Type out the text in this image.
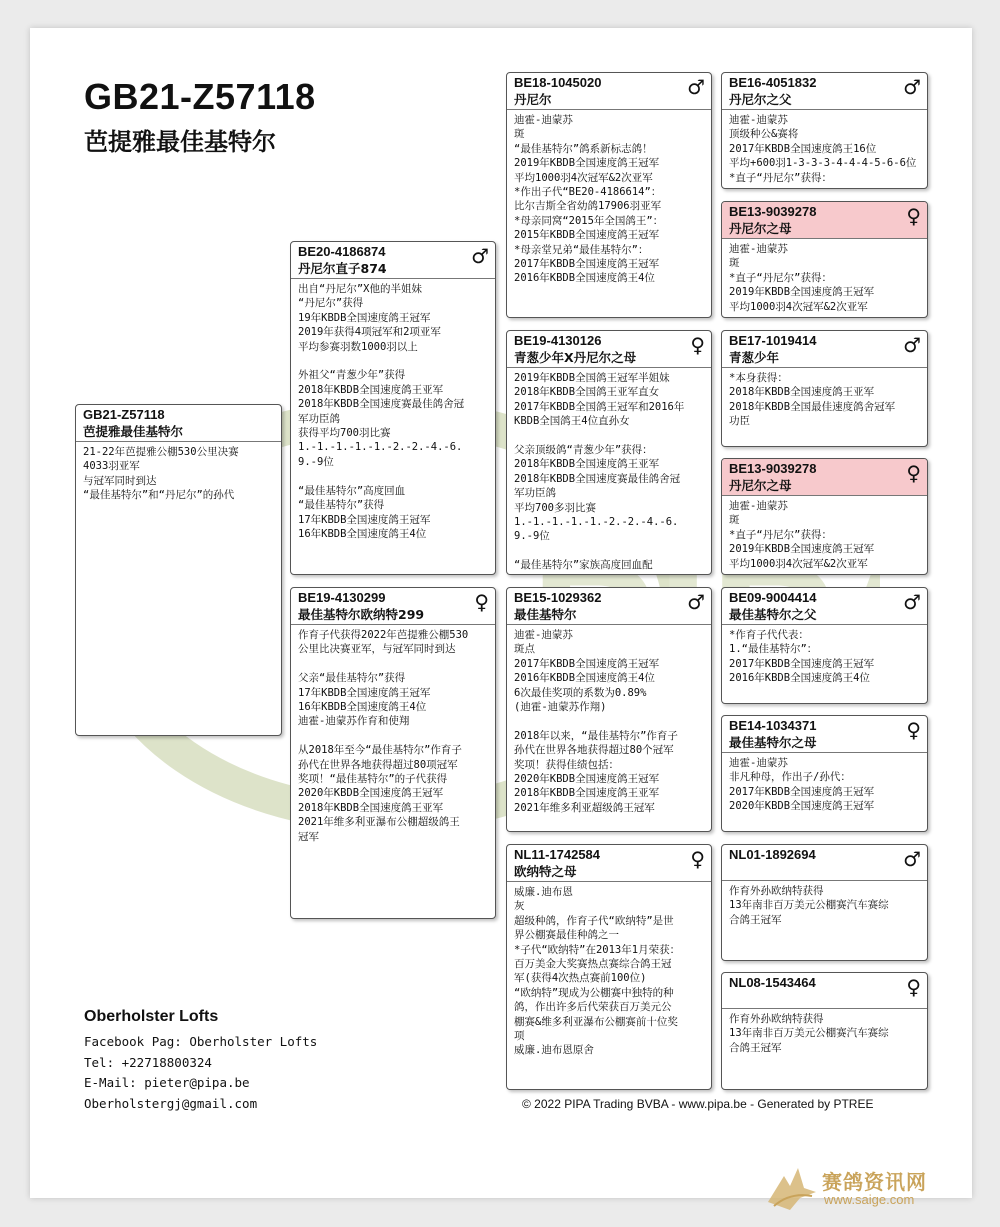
GB21-Z57118
芭提雅最佳基特尔
GB21-Z57118
芭提雅最佳基特尔
21-22年芭提雅公棚530公里决赛
4033羽亚军
与冠军同时到达
“最佳基特尔”和“丹尼尔”的孙代
BE20-4186874
丹尼尔直子874
♂
出自“丹尼尔”X他的半姐妹
“丹尼尔”获得
19年KBDB全国速度鸽王冠军
2019年获得4项冠军和2项亚军
平均参赛羽数1000羽以上

外祖父“青葱少年”获得
2018年KBDB全国速度鸽王亚军
2018年KBDB全国速度赛最佳鸽舍冠
军功臣鸽
获得平均700羽比赛
1.-1.-1.-1.-1.-2.-2.-4.-6.
9.-9位

“最佳基特尔”高度回血
“最佳基特尔”获得
17年KBDB全国速度鸽王冠军
16年KBDB全国速度鸽王4位
BE19-4130299
最佳基特尔欧纳特299
♀
作育子代获得2022年芭提雅公棚530
公里比决赛亚军，与冠军同时到达

父亲“最佳基特尔”获得
17年KBDB全国速度鸽王冠军
16年KBDB全国速度鸽王4位
迪霍-迪蒙苏作育和使翔

从2018年至今“最佳基特尔”作育子
孙代在世界各地获得超过80项冠军
奖项！“最佳基特尔”的子代获得
2020年KBDB全国速度鸽王冠军
2018年KBDB全国速度鸽王亚军
2021年维多利亚瀑布公棚超级鸽王
冠军
BE18-1045020
丹尼尔
♂
迪霍-迪蒙苏
斑
“最佳基特尔”鸽系新标志鸽！
2019年KBDB全国速度鸽王冠军
平均1000羽4次冠军&2次亚军
*作出子代“BE20-4186614”：
比尔吉斯全省幼鸽17906羽亚军
*母亲同窝“2015年全国鸽王”：
2015年KBDB全国速度鸽王冠军
*母亲堂兄弟“最佳基特尔”：
2017年KBDB全国速度鸽王冠军
2016年KBDB全国速度鸽王4位
BE19-4130126
青葱少年X丹尼尔之母
♀
2019年KBDB全国鸽王冠军半姐妹
2018年KBDB全国鸽王亚军直女
2017年KBDB全国鸽王冠军和2016年
KBDB全国鸽王4位直孙女

父亲顶级鸽“青葱少年”获得：
2018年KBDB全国速度鸽王亚军
2018年KBDB全国速度赛最佳鸽舍冠
军功臣鸽
平均700多羽比赛
1.-1.-1.-1.-1.-2.-2.-4.-6.
9.-9位

“最佳基特尔”家族高度回血配
BE15-1029362
最佳基特尔
♂
迪霍-迪蒙苏
斑点
2017年KBDB全国速度鸽王冠军
2016年KBDB全国速度鸽王4位
6次最佳奖项的系数为0.89%
(迪霍-迪蒙苏作翔)

2018年以来，“最佳基特尔”作育子
孙代在世界各地获得超过80个冠军
奖项！获得佳绩包括：
2020年KBDB全国速度鸽王冠军
2018年KBDB全国速度鸽王亚军
2021年维多利亚超级鸽王冠军
NL11-1742584
欧纳特之母
♀
威廉.迪布恩
灰
超级种鸽，作育子代“欧纳特”是世
界公棚赛最佳种鸽之一
*子代“欧纳特”在2013年1月荣获：
百万美金大奖赛热点赛综合鸽王冠
军(获得4次热点赛前100位)
“欧纳特”现成为公棚赛中独特的种
鸽，作出许多后代荣获百万美元公
棚赛&维多利亚瀑布公棚赛前十位奖
项
威廉.迪布恩原舍
BE16-4051832
丹尼尔之父
♂
迪霍-迪蒙苏
顶级种公&赛将
2017年KBDB全国速度鸽王16位
平均+600羽1-3-3-3-4-4-4-5-6-6位
*直子“丹尼尔”获得：
BE13-9039278
丹尼尔之母
♀
迪霍-迪蒙苏
斑
*直子“丹尼尔”获得：
2019年KBDB全国速度鸽王冠军
平均1000羽4次冠军&2次亚军
BE17-1019414
青葱少年
♂
*本身获得：
2018年KBDB全国速度鸽王亚军
2018年KBDB全国最佳速度鸽舍冠军
功臣
BE13-9039278
丹尼尔之母
♀
迪霍-迪蒙苏
斑
*直子“丹尼尔”获得：
2019年KBDB全国速度鸽王冠军
平均1000羽4次冠军&2次亚军
BE09-9004414
最佳基特尔之父
♂
*作育子代代表：
1.“最佳基特尔”：
2017年KBDB全国速度鸽王冠军
2016年KBDB全国速度鸽王4位
BE14-1034371
最佳基特尔之母
♀
迪霍-迪蒙苏
非凡种母，作出子/孙代：
2017年KBDB全国速度鸽王冠军
2020年KBDB全国速度鸽王冠军
NL01-1892694	♂
作育外孙欧纳特获得
13年南非百万美元公棚赛汽车赛综
合鸽王冠军
NL08-1543464	♀
作育外孙欧纳特获得
13年南非百万美元公棚赛汽车赛综
合鸽王冠军
Oberholster Lofts
Facebook Pag: Oberholster Lofts
Tel: +22718800324
E-Mail: pieter@pipa.be
Oberholstergj@gmail.com	© 2022 PIPA Trading BVBA - www.pipa.be - Generated by PTREE
赛鸽资讯网
www.saige.com
